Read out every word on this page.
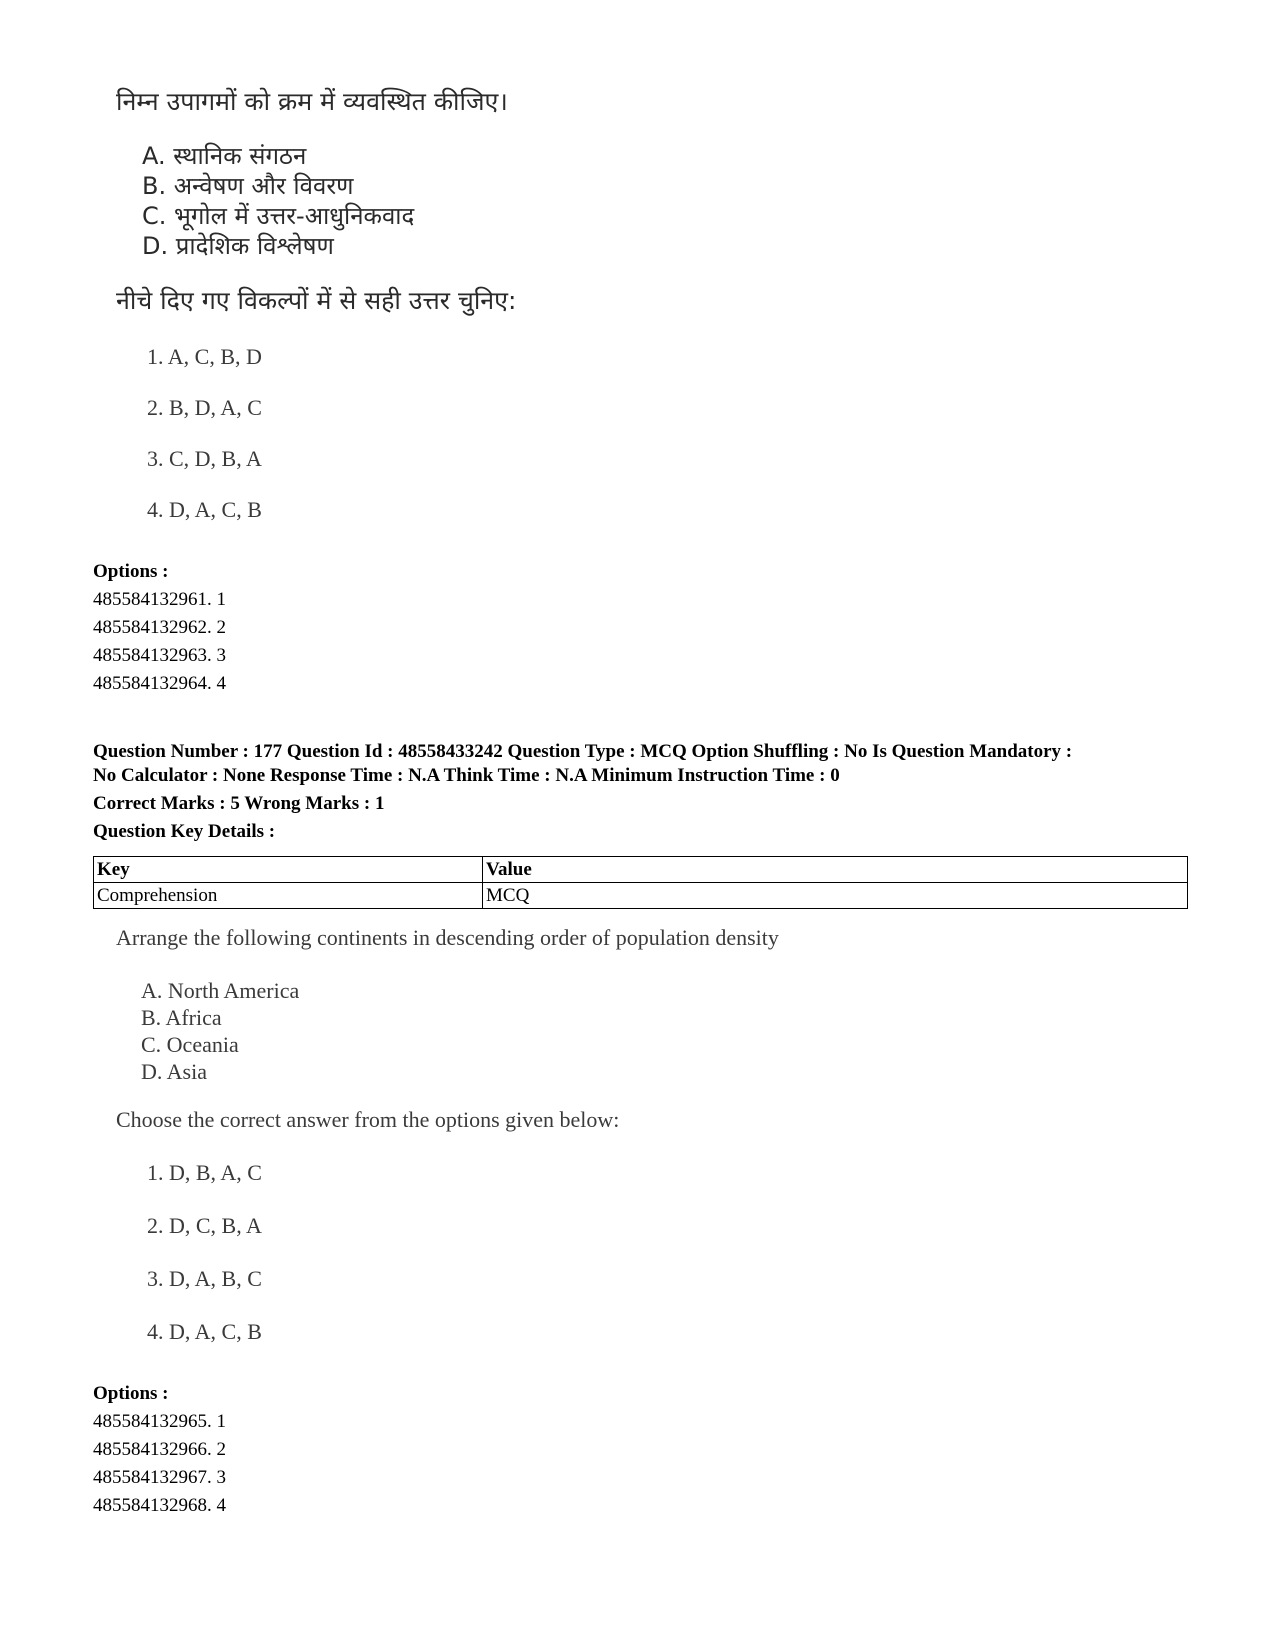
निम्न उपागमों को क्रम में व्यवस्थित कीजिए।
A. स्थानिक संगठन
B. अन्वेषण और विवरण
C. भूगोल में उत्तर-आधुनिकवाद
D. प्रादेशिक विश्लेषण
नीचे दिए गए विकल्पों में से सही उत्तर चुनिए:
1. A, C, B, D
2. B, D, A, C
3. C, D, B, A
4. D, A, C, B
Options :
485584132961. 1
485584132962. 2
485584132963. 3
485584132964. 4
Question Number : 177 Question Id : 48558433242 Question Type : MCQ Option Shuffling : No Is Question Mandatory :
No Calculator : None Response Time : N.A Think Time : N.A Minimum Instruction Time : 0
Correct Marks : 5 Wrong Marks : 1
Question Key Details :
Key	Value
Comprehension	MCQ
Arrange the following continents in descending order of population density
A. North America
B. Africa
C. Oceania
D. Asia
Choose the correct answer from the options given below:
1. D, B, A, C
2. D, C, B, A
3. D, A, B, C
4. D, A, C, B
Options :
485584132965. 1
485584132966. 2
485584132967. 3
485584132968. 4
